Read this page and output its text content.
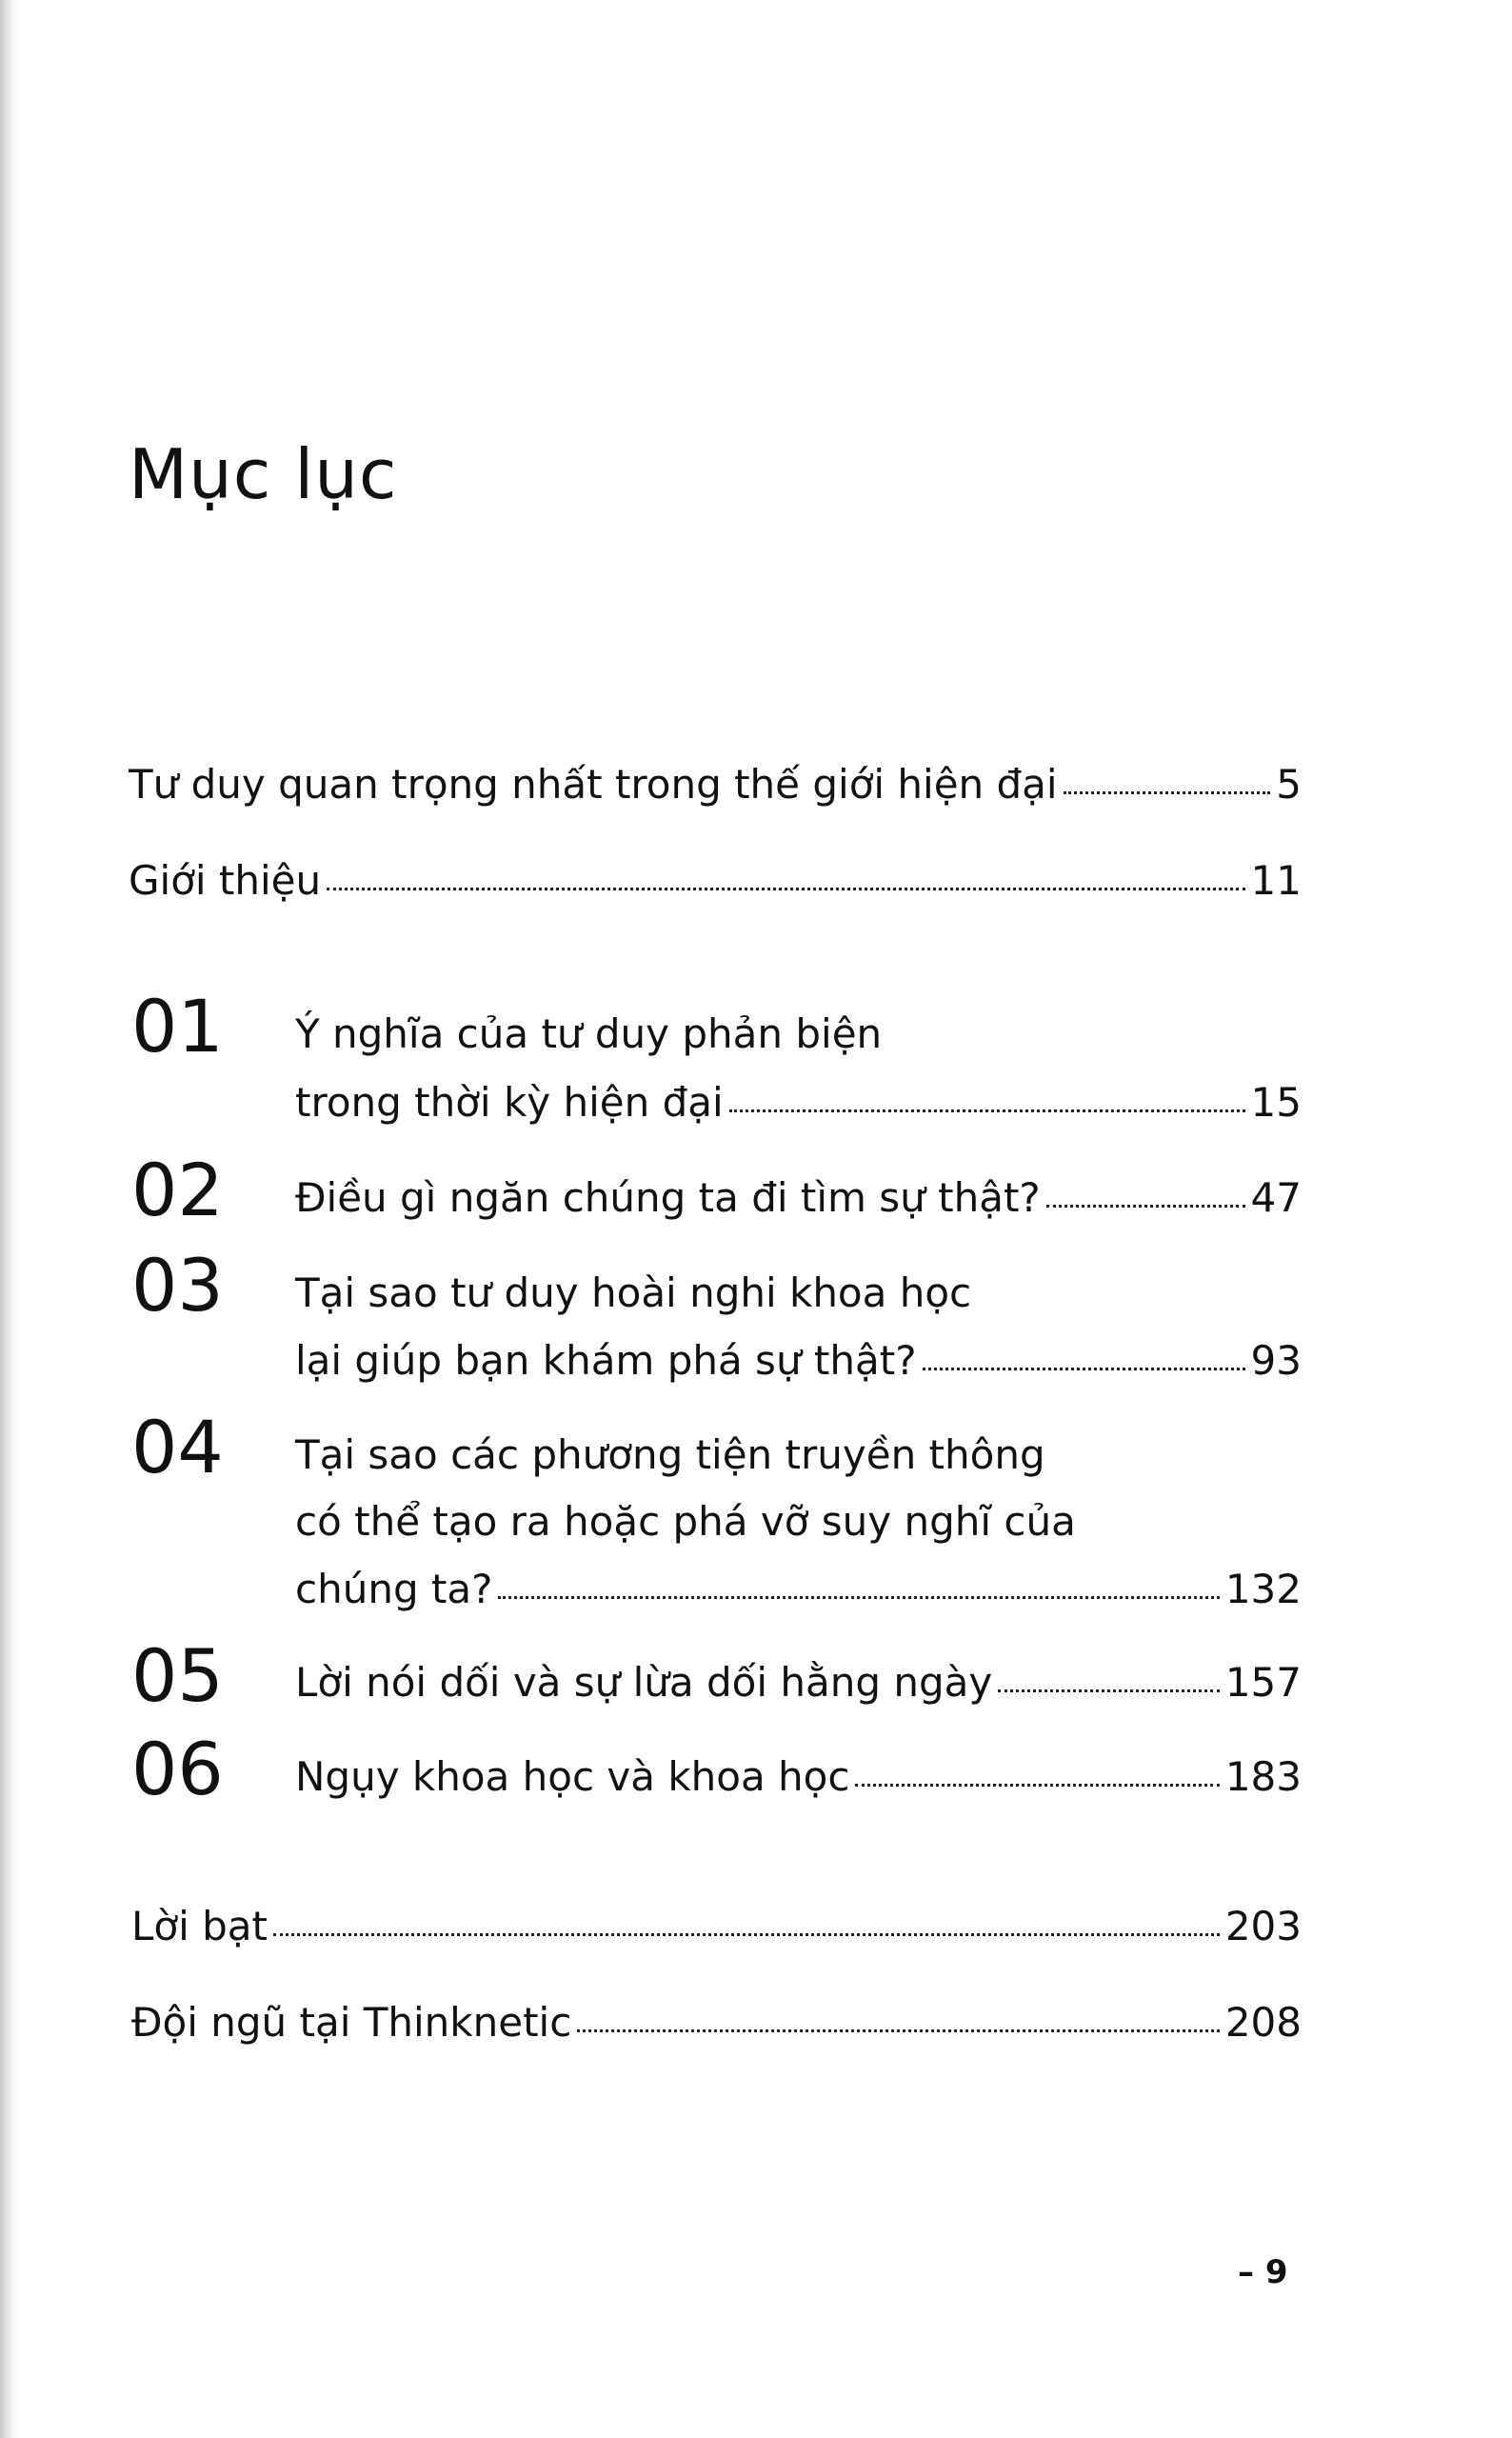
Mục lục
Tư duy quan trọng nhất trong thế giới hiện đại	5
Giới thiệu	11
01 Ý nghĩa của tư duy phản biện
trong thời kỳ hiện đại	15
02 Điều gì ngăn chúng ta đi tìm sự thật?	47
03 Tại sao tư duy hoài nghi khoa học
lại giúp bạn khám phá sự thật?	93
04 Tại sao các phương tiện truyền thông
có thể tạo ra hoặc phá vỡ suy nghĩ của
chúng ta?	132
05 Lời nói dối và sự lừa dối hằng ngày	157
06 Ngụy khoa học và khoa học	183
Lời bạt	203
Đội ngũ tại Thinknetic	208
– 9
